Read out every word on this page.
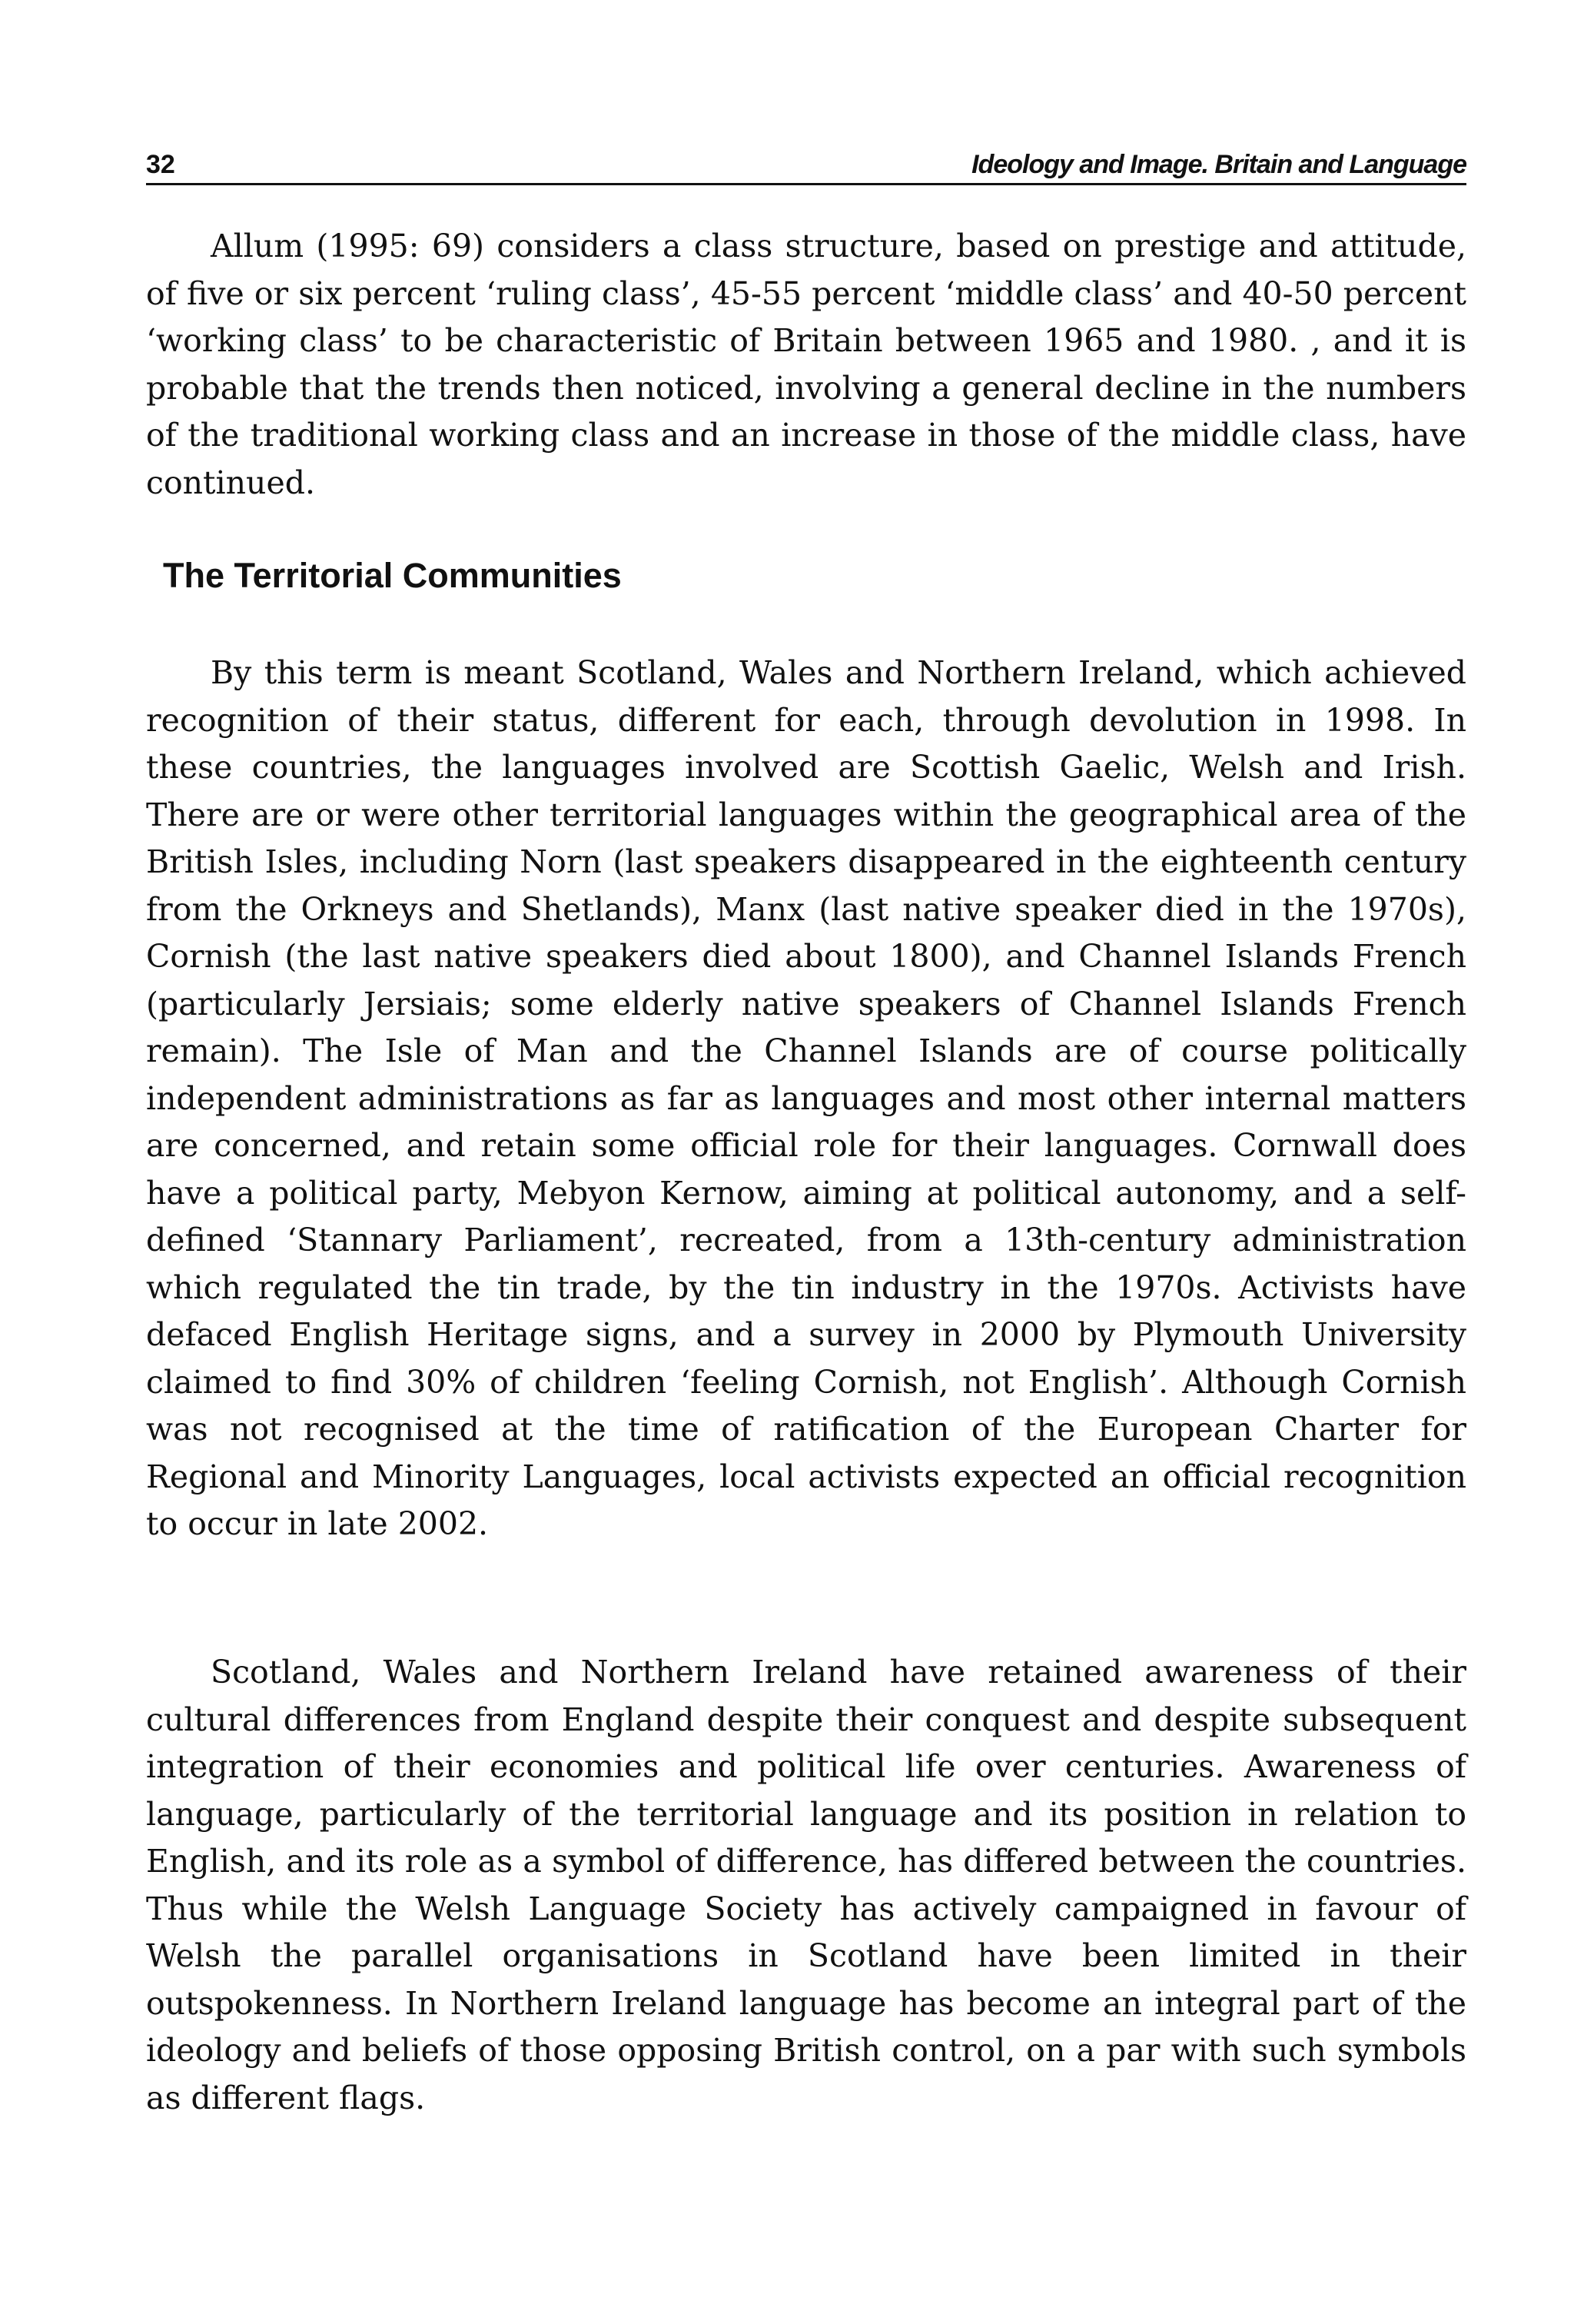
32	Ideology and Image. Britain and Language

Allum (1995: 69) considers a class structure, based on prestige and attitude, of five or six percent ‘ruling class’, 45-55 percent ‘middle class’ and 40-50 percent ‘working class’ to be characteristic of Britain between 1965 and 1980. , and it is probable that the trends then noticed, involving a general decline in the numbers of the traditional working class and an increase in those of the middle class, have continued.

The Territorial Communities

By this term is meant Scotland, Wales and Northern Ireland, which achieved recognition of their status, different for each, through devolution in 1998. In these countries, the languages involved are Scottish Gaelic, Welsh and Irish. There are or were other territorial languages within the geographical area of the British Isles, including Norn (last speakers disappeared in the eighteenth century from the Orkneys and Shetlands), Manx (last native speaker died in the 1970s), Cornish (the last native speakers died about 1800), and Channel Islands French (particularly Jersiais; some elderly native speakers of Channel Islands French remain). The Isle of Man and the Channel Islands are of course politically independent administrations as far as languages and most other internal matters are concerned, and retain some official role for their languages. Cornwall does have a political party, Mebyon Kernow, aiming at political autonomy, and a self-defined ‘Stannary Parliament’, recreated, from a 13th-century administration which regulated the tin trade, by the tin industry in the 1970s. Activists have defaced English Heritage signs, and a survey in 2000 by Plymouth University claimed to find 30% of children ‘feeling Cornish, not English’. Although Cornish was not recognised at the time of ratification of the European Charter for Regional and Minority Languages, local activists expected an official recognition to occur in late 2002.

Scotland, Wales and Northern Ireland have retained awareness of their cultural differences from England despite their conquest and despite subsequent integration of their economies and political life over centuries. Awareness of language, particularly of the territorial language and its position in relation to English, and its role as a symbol of difference, has differed between the countries. Thus while the Welsh Language Society has actively campaigned in favour of Welsh the parallel organisations in Scotland have been limited in their outspokenness. In Northern Ireland language has become an integral part of the ideology and beliefs of those opposing British control, on a par with such symbols as different flags.
